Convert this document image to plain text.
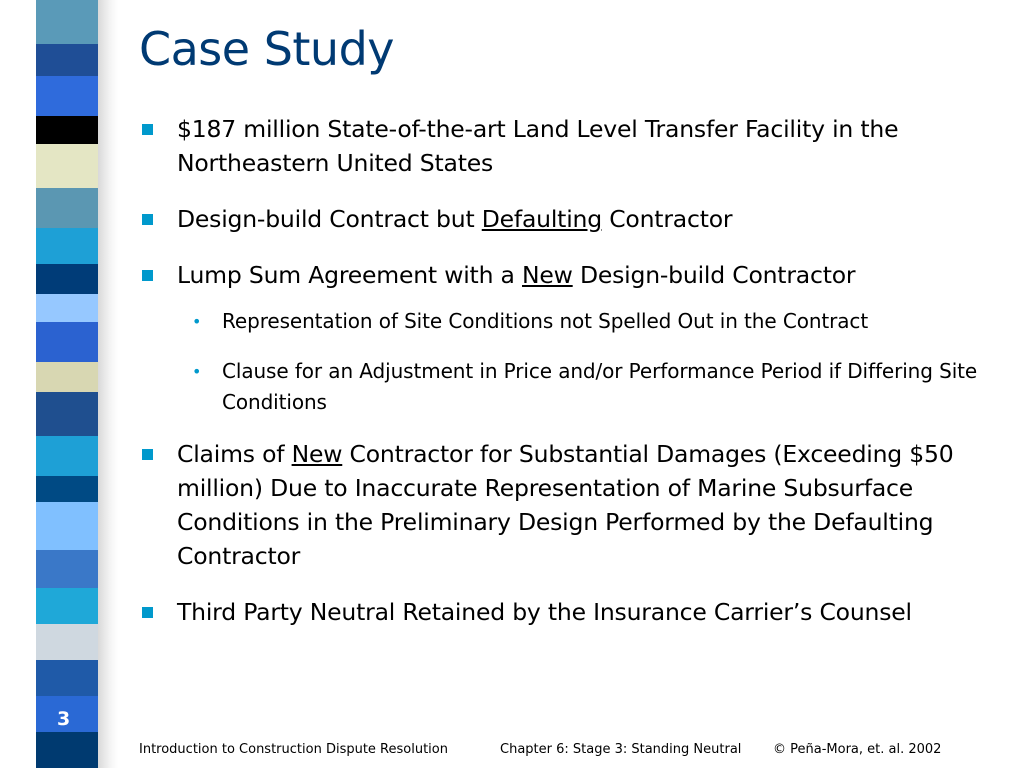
3
Case Study
$187 million State-of-the-art Land Level Transfer Facility in the Northeastern United States
Design-build Contract but Defaulting Contractor
Lump Sum Agreement with a New Design-build Contractor
• Representation of Site Conditions not Spelled Out in the Contract
• Clause for an Adjustment in Price and/or Performance Period if Differing Site Conditions
Claims of New Contractor for Substantial Damages (Exceeding $50 million) Due to Inaccurate Representation of Marine Subsurface Conditions in the Preliminary Design Performed by the Defaulting Contractor
Third Party Neutral Retained by the Insurance Carrier’s Counsel
Introduction to Construction Dispute Resolution	Chapter 6: Stage 3: Standing Neutral © Peña-Mora, et. al. 2002
